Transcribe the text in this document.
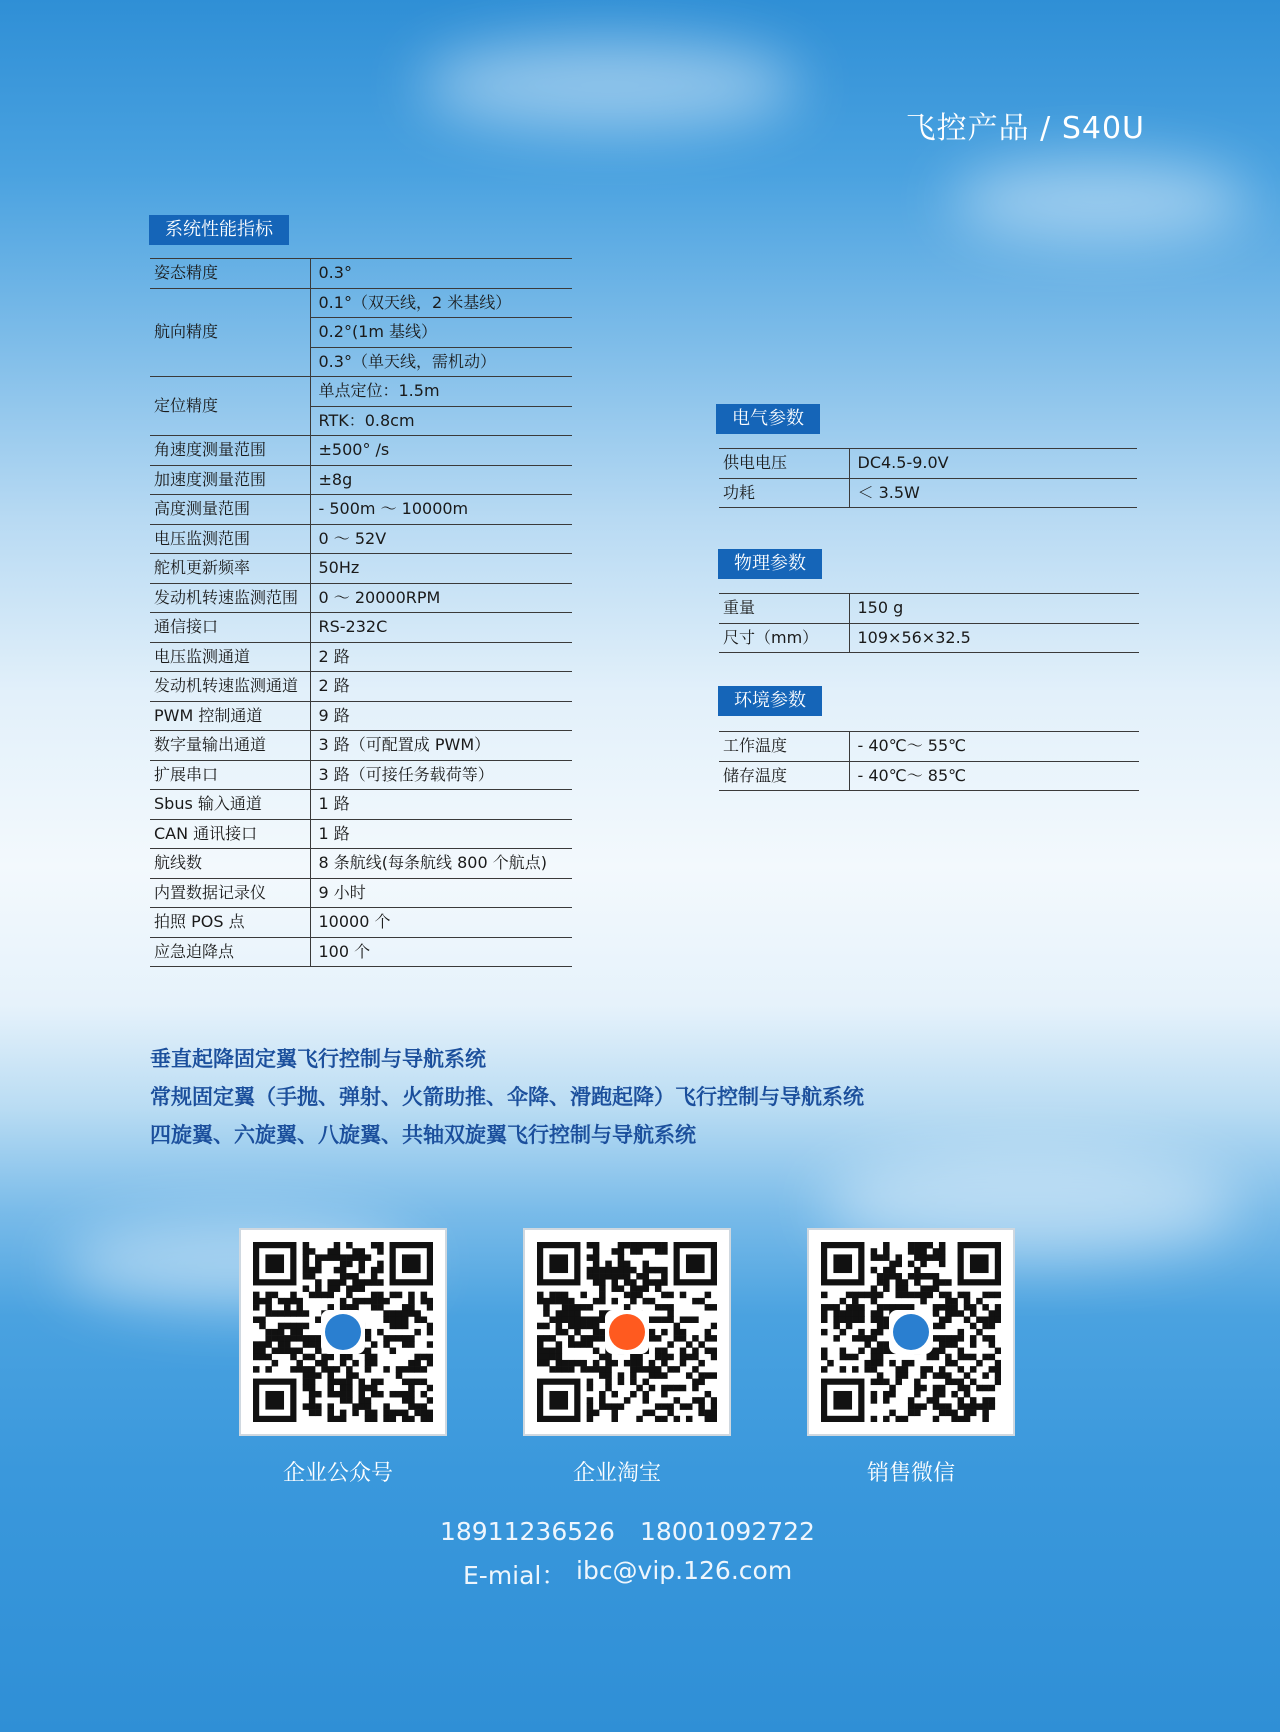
飞控产品 / S40U
系统性能指标
姿态精度	0.3°
航向精度	0.1°（双天线，2 米基线）
	0.2°(1m 基线）
	0.3°（单天线，需机动）
定位精度	单点定位：1.5m
	RTK：0.8cm
角速度测量范围	±500° /s
加速度测量范围	±8g
高度测量范围	- 500m ～ 10000m
电压监测范围	0 ～ 52V
舵机更新频率	50Hz
发动机转速监测范围	0 ～ 20000RPM
通信接口	RS-232C
电压监测通道	2 路
发动机转速监测通道	2 路
PWM 控制通道	9 路
数字量输出通道	3 路（可配置成 PWM）
扩展串口	3 路（可接任务载荷等）
Sbus 输入通道	1 路
CAN 通讯接口	1 路
航线数	8 条航线(每条航线 800 个航点)
内置数据记录仪	9 小时
拍照 POS 点	10000 个
应急迫降点	100 个
电气参数
供电电压	DC4.5-9.0V
功耗	＜ 3.5W
物理参数
重量	150 g
尺寸（mm）	109×56×32.5
环境参数
工作温度	- 40℃～ 55℃
储存温度	- 40℃～ 85℃
垂直起降固定翼飞行控制与导航系统
常规固定翼（手抛、弹射、火箭助推、伞降、滑跑起降）飞行控制与导航系统
四旋翼、六旋翼、八旋翼、共轴双旋翼飞行控制与导航系统
企业公众号	企业淘宝	销售微信
18911236526 18001092722
E-mial： ibc@vip.126.com
